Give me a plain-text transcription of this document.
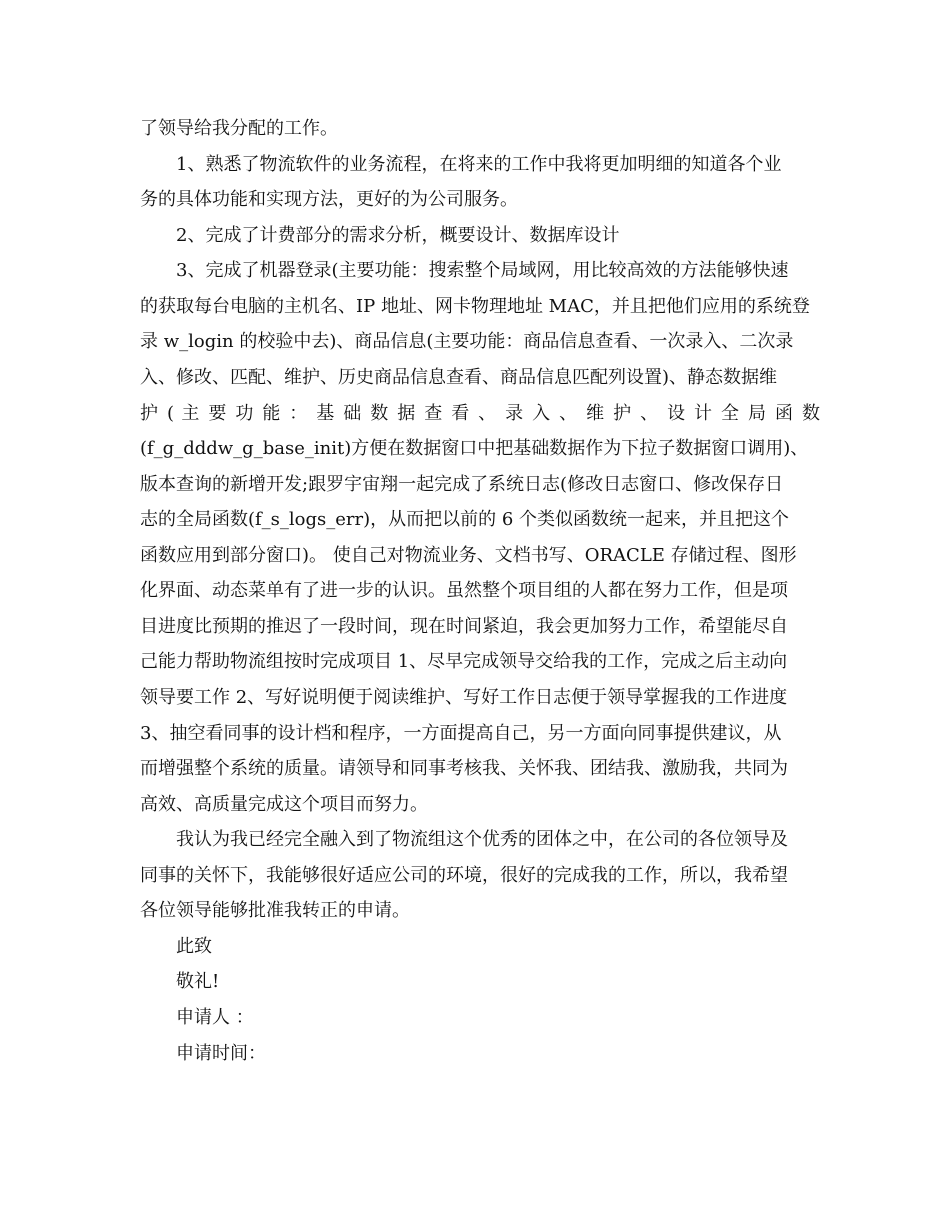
了领导给我分配的工作。
1、熟悉了物流软件的业务流程，在将来的工作中我将更加明细的知道各个业
务的具体功能和实现方法，更好的为公司服务。
2、完成了计费部分的需求分析，概要设计、数据库设计
3、完成了机器登录(主要功能：搜索整个局域网，用比较高效的方法能够快速
的获取每台电脑的主机名、IP 地址、网卡物理地址 MAC，并且把他们应用的系统登
录 w_login 的校验中去)、商品信息(主要功能：商品信息查看、一次录入、二次录
入、修改、匹配、维护、历史商品信息查看、商品信息匹配列设置)、静态数据维
护 ( 主 要 功 能 ： 基 础 数 据 查 看 、 录 入 、 维 护 、 设 计 全 局 函 数
(f_g_dddw_g_base_init)方便在数据窗口中把基础数据作为下拉子数据窗口调用)、
版本查询的新增开发;跟罗宇宙翔一起完成了系统日志(修改日志窗口、修改保存日
志的全局函数(f_s_logs_err)，从而把以前的 6 个类似函数统一起来，并且把这个
函数应用到部分窗口)。 使自己对物流业务、文档书写、ORACLE 存储过程、图形
化界面、动态菜单有了进一步的认识。虽然整个项目组的人都在努力工作，但是项
目进度比预期的推迟了一段时间，现在时间紧迫，我会更加努力工作，希望能尽自
己能力帮助物流组按时完成项目 1、尽早完成领导交给我的工作，完成之后主动向
领导要工作 2、写好说明便于阅读维护、写好工作日志便于领导掌握我的工作进度
3、抽空看同事的设计档和程序，一方面提高自己，另一方面向同事提供建议，从
而增强整个系统的质量。请领导和同事考核我、关怀我、团结我、激励我，共同为
高效、高质量完成这个项目而努力。
我认为我已经完全融入到了物流组这个优秀的团体之中，在公司的各位领导及
同事的关怀下，我能够很好适应公司的环境，很好的完成我的工作，所以，我希望
各位领导能够批准我转正的申请。
此致
敬礼!
申请人 ：
申请时间：
